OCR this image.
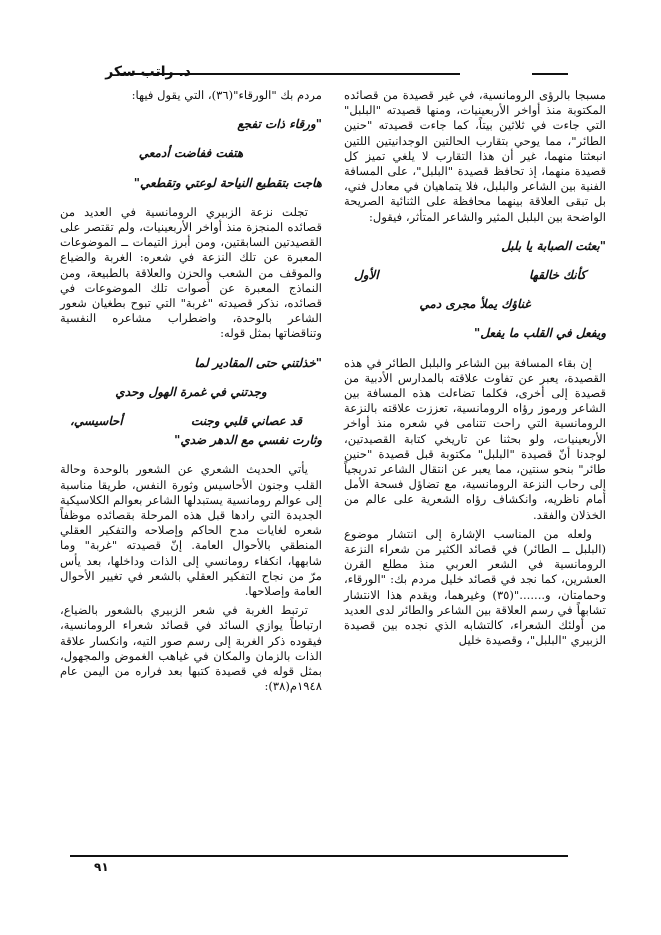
د. راتب سكر

مسبجا بالرؤى الرومانسية، في غير قصيدة من قصائده المكتوبة منذ أواخر الأربعينيات، ومنها قصيدته "البلبل" التي جاءت في ثلاثين بيتاً، كما جاءت قصيدته "حنين الطائر"، مما يوحي بتقارب الحالتين الوجدانيتين اللتين انبعثتا منهما، غير أن هذا التقارب لا يلغي تميز كل قصيدة منهما، إذ تحافظ قصيدة "البلبل"، على المسافة الفنية بين الشاعر والبلبل، فلا يتماهيان في معادل فني، بل تبقى العلاقة بينهما محافظة على الثنائية الصريحة الواضحة بين البلبل المثير والشاعر المتأثر، فيقول:

"بعثت الصبابة يا بلبل
كأنك خالقها
الأول
غناؤك يملأ مجرى دمي
ويفعل في القلب ما يفعل"

إن بقاء المسافة بين الشاعر والبلبل الطائر في هذه القصيدة، يعبر عن تفاوت علاقته بالمدارس الأدبية من قصيدة إلى أخرى، فكلما تضاءلت هذه المسافة بين الشاعر ورموز رؤاه الرومانسية، تعززت علاقته بالنزعة الرومانسية التي راحت تتنامى في شعره منذ أواخر الأربعينيات، ولو بحثنا عن تاريخي كتابة القصيدتين، لوجدنا أنّ قصيدة "البلبل" مكتوبة قبل قصيدة "حنين طائر" بنحو سنتين، مما يعبر عن انتقال الشاعر تدريجياً إلى رحاب النزعة الرومانسية، مع تضاؤل فسحة الأمل أمام ناظريه، وانكشاف رؤاه الشعرية على عالم من الخذلان والفقد.

ولعله من المناسب الإشارة إلى انتشار موضوع (البلبل ــ الطائر) في قصائد الكثير من شعراء النزعة الرومانسية في الشعر العربي منذ مطلع القرن العشرين، كما نجد في قصائد خليل مردم بك: "الورقاء، وحمامتان، و......."(٣٥) وغيرهما، ويقدم هذا الانتشار تشابهاً في رسم العلاقة بين الشاعر والطائر لدى العديد من أولئك الشعراء، كالتشابه الذي نجده بين قصيدة الزبيري "البلبل"، وقصيدة خليل

مردم بك "الورقاء"(٣٦)، التي يقول فيها:

"ورقاء ذات تفجع
هتفت ففاضت أدمعي
هاجت بتقطيع النياحة لوعتي وتقطعي"

تجلت نزعة الزبيري الرومانسية في العديد من قصائده المنجزة منذ أواخر الأربعينيات، ولم تقتصر على القصيدتين السابقتين، ومن أبرز التيمات ــ الموضوعات المعبرة عن تلك النزعة في شعره: الغربة والضياع والموقف من الشعب والحزن والعلاقة بالطبيعة، ومن النماذج المعبرة عن أصوات تلك الموضوعات في قصائده، نذكر قصيدته "غربة" التي تبوح بطغيان شعور الشاعر بالوحدة، واضطراب مشاعره النفسية وتناقضاتها بمثل قوله:

"خذلتني حتى المقادير لما
وجدتني في غمرة الهول وحدي
قد عصاني قلبي وجنت
أحاسيسي،
وثارت نفسي مع الدهر ضدي"

يأتي الحديث الشعري عن الشعور بالوحدة وحالة القلب وجنون الأحاسيس وثورة النفس، طريقا مناسبة إلى عوالم رومانسية يستبدلها الشاعر بعوالم الكلاسيكية الجديدة التي رادها قبل هذه المرحلة بقصائده موظفاً شعره لغايات مدح الحاكم وإصلاحه والتفكير العقلي المنطقي بالأحوال العامة. إنّ قصيدته "غربة" وما شابهها، انكفاء رومانسي إلى الذات وداخلها، بعد يأس مرّ من نجاح التفكير العقلي بالشعر في تغيير الأحوال العامة وإصلاحها.

ترتبط الغربة في شعر الزبيري بالشعور بالضياع، ارتباطاً يوازي السائد في قصائد شعراء الرومانسية، فيقوده ذكر الغربة إلى رسم صور التيه، وانكسار علاقة الذات بالزمان والمكان في غياهب الغموض والمجهول، بمثل قوله في قصيدة كتبها بعد فراره من اليمن عام ١٩٤٨م(٣٨):

٩١
